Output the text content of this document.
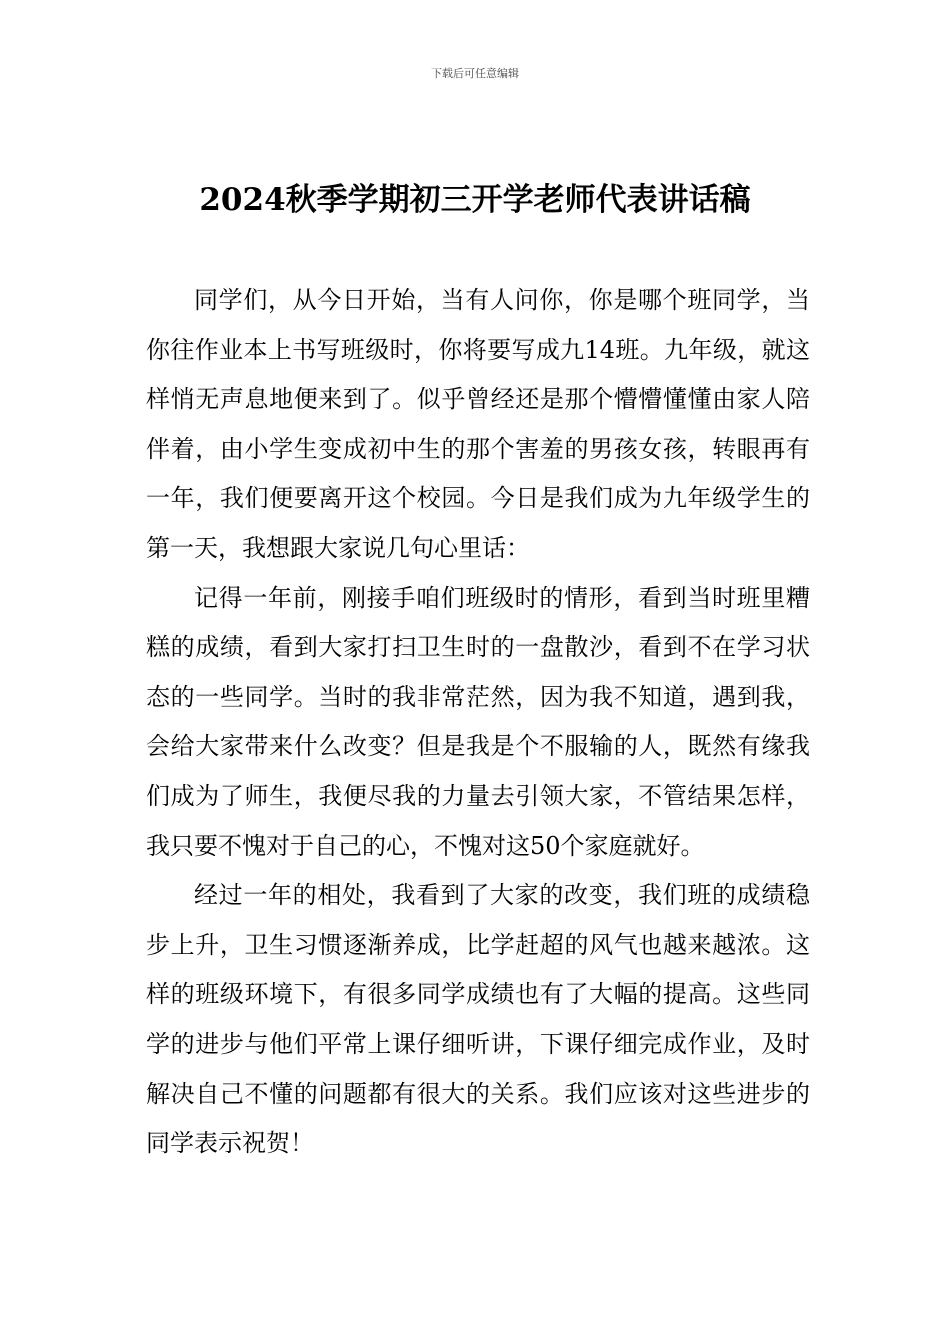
下载后可任意编辑
2024秋季学期初三开学老师代表讲话稿

同学们，从今日开始，当有人问你，你是哪个班同学，当你往作业本上书写班级时，你将要写成九14班。九年级，就这样悄无声息地便来到了。似乎曾经还是那个懵懵懂懂由家人陪伴着，由小学生变成初中生的那个害羞的男孩女孩，转眼再有一年，我们便要离开这个校园。今日是我们成为九年级学生的第一天，我想跟大家说几句心里话：

记得一年前，刚接手咱们班级时的情形，看到当时班里糟糕的成绩，看到大家打扫卫生时的一盘散沙，看到不在学习状态的一些同学。当时的我非常茫然，因为我不知道，遇到我，会给大家带来什么改变？但是我是个不服输的人，既然有缘我们成为了师生，我便尽我的力量去引领大家，不管结果怎样，我只要不愧对于自己的心，不愧对这50个家庭就好。

经过一年的相处，我看到了大家的改变，我们班的成绩稳步上升，卫生习惯逐渐养成，比学赶超的风气也越来越浓。这样的班级环境下，有很多同学成绩也有了大幅的提高。这些同学的进步与他们平常上课仔细听讲，下课仔细完成作业，及时解决自己不懂的问题都有很大的关系。我们应该对这些进步的同学表示祝贺！
